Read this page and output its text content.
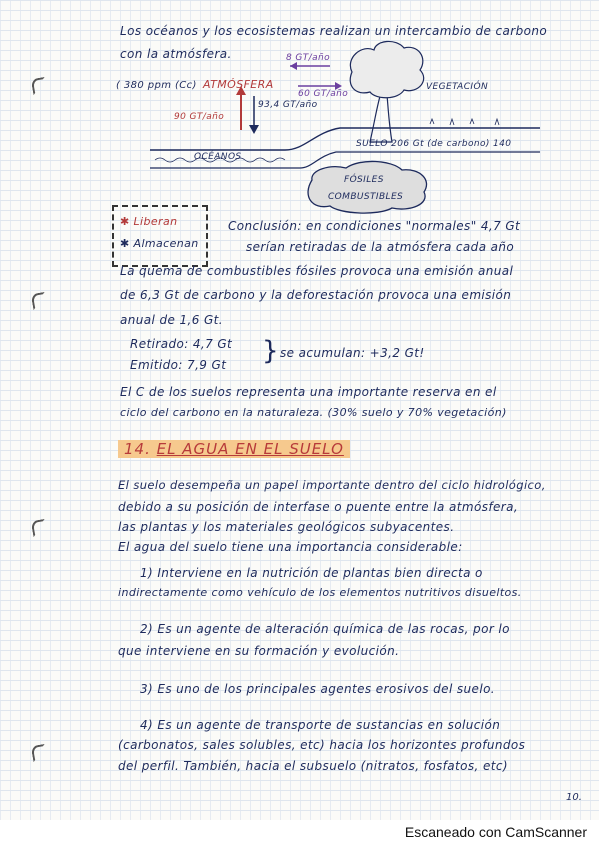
Los océanos y los ecosistemas realizan un intercambio de carbono
con la atmósfera.
( 380 ppm (Cc) ATMÓSFERA
8 GT/año
60 GT/año
93,4 GT/año
90 GT/año
VEGETACIÓN
OCÉANOS
SUELO 206 Gt (de carbono) 140
FÓSILES
COMBUSTIBLES
✱ Liberan
✱ Almacenan
Conclusión: en condiciones "normales" 4,7 Gt
serían retiradas de la atmósfera cada año
La quema de combustibles fósiles provoca una emisión anual
de 6,3 Gt de carbono y la deforestación provoca una emisión
anual de 1,6 Gt.
Retirado: 4,7 Gt
Emitido: 7,9 Gt } se acumulan: +3,2 Gt!
El C de los suelos representa una importante reserva en el
ciclo del carbono en la naturaleza. (30% suelo y 70% vegetación)
14. EL AGUA EN EL SUELO
El suelo desempeña un papel importante dentro del ciclo hidrológico,
debido a su posición de interfase o puente entre la atmósfera,
las plantas y los materiales geológicos subyacentes.
El agua del suelo tiene una importancia considerable:
1) Interviene en la nutrición de plantas bien directa o
indirectamente como vehículo de los elementos nutritivos disueltos.
2) Es un agente de alteración química de las rocas, por lo
que interviene en su formación y evolución.
3) Es uno de los principales agentes erosivos del suelo.
4) Es un agente de transporte de sustancias en solución
(carbonatos, sales solubles, etc) hacia los horizontes profundos
del perfil. También, hacia el subsuelo (nitratos, fosfatos, etc)
10.
Escaneado con CamScanner
